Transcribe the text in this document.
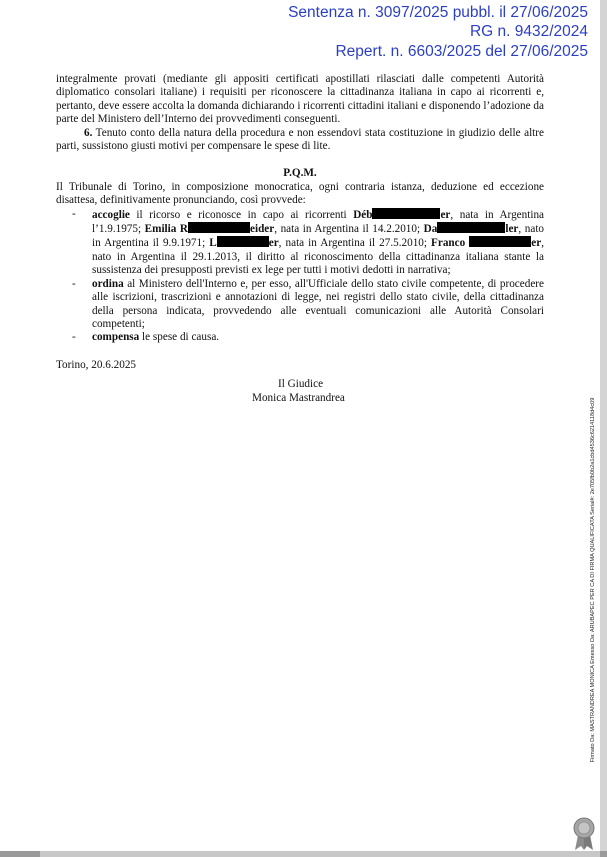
Sentenza n. 3097/2025 pubbl. il 27/06/2025
RG n. 9432/2024
Repert. n. 6603/2025 del 27/06/2025

integralmente provati (mediante gli appositi certificati apostillati rilasciati dalle competenti Autorità diplomatico consolari italiane) i requisiti per riconoscere la cittadinanza italiana in capo ai ricorrenti e, pertanto, deve essere accolta la domanda dichiarando i ricorrenti cittadini italiani e disponendo l’adozione da parte del Ministero dell’Interno dei provvedimenti conseguenti.

6. Tenuto conto della natura della procedura e non essendovi stata costituzione in giudizio delle altre parti, sussistono giusti motivi per compensare le spese di lite.

P.Q.M.

Il Tribunale di Torino, in composizione monocratica, ogni contraria istanza, deduzione ed eccezione disattesa, definitivamente pronunciando, così provvede:

- accoglie il ricorso e riconosce in capo ai ricorrenti Déb	er, nata in Argentina l’1.9.1975; Emilia R	eider, nata in Argentina il 14.2.2010; Da	ler, nato in Argentina il 9.9.1971; L	er, nata in Argentina il 27.5.2010; Franco	er, nato in Argentina il 29.1.2013, il diritto al riconoscimento della cittadinanza italiana stante la sussistenza dei presupposti previsti ex lege per tutti i motivi dedotti in narrativa;
- ordina al Ministero dell'Interno e, per esso, all'Ufficiale dello stato civile competente, di procedere alle iscrizioni, trascrizioni e annotazioni di legge, nei registri dello stato civile, della cittadinanza della persona indicata, provvedendo alle eventuali comunicazioni alle Autorità Consolari competenti;
- compensa le spese di causa.

Torino, 20.6.2025

Il Giudice

Monica Mastrandrea

Firmato Da: MASTRANDREA MONICA Emesso Da: ARUBAPEC PER CA DI FIRMA QUALIFICATA Serial#: 2e705fb0b2a1cbd4536c6214118d4c09
